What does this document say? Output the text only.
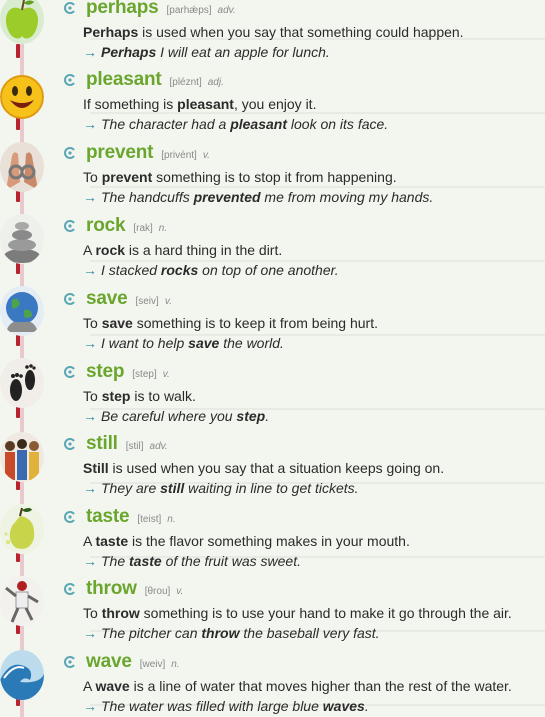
perhaps [parhǽps] adv.
Perhaps is used when you say that something could happen.
→ Perhaps I will eat an apple for lunch.
pleasant [pléznt] adj.
If something is pleasant, you enjoy it.
→ The character had a pleasant look on its face.
prevent [privént] v.
To prevent something is to stop it from happening.
→ The handcuffs prevented me from moving my hands.
rock [rak] n.
A rock is a hard thing in the dirt.
→ I stacked rocks on top of one another.
save [seiv] v.
To save something is to keep it from being hurt.
→ I want to help save the world.
step [step] v.
To step is to walk.
→ Be careful where you step.
still [stil] adv.
Still is used when you say that a situation keeps going on.
→ They are still waiting in line to get tickets.
taste [teist] n.
A taste is the flavor something makes in your mouth.
→ The taste of the fruit was sweet.
throw [θrou] v.
To throw something is to use your hand to make it go through the air.
→ The pitcher can throw the baseball very fast.
wave [weiv] n.
A wave is a line of water that moves higher than the rest of the water.
→ The water was filled with large blue waves.
